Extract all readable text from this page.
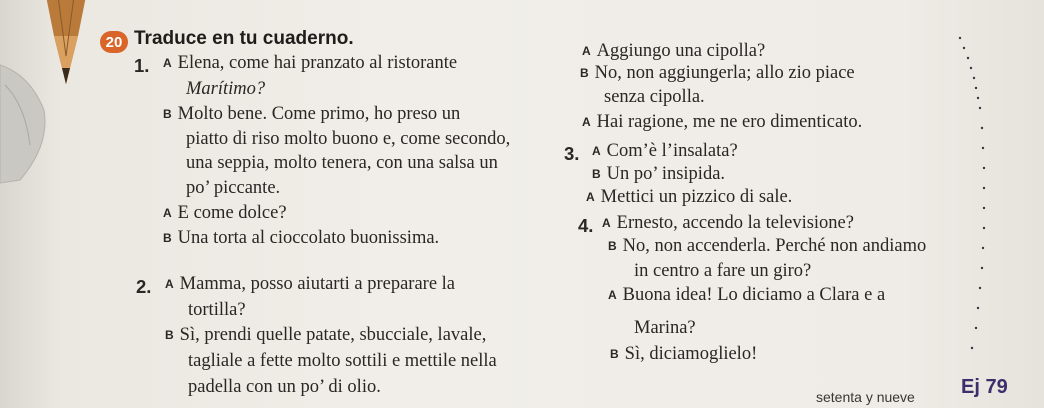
20 Traduce en tu cuaderno.
1. A Elena, come hai pranzato al ristorante
Marítimo?
B Molto bene. Come primo, ho preso un
piatto di riso molto buono e, come secondo,
una seppia, molto tenera, con una salsa un
po’ piccante.
A E come dolce?
B Una torta al cioccolato buonissima.
2. A Mamma, posso aiutarti a preparare la
tortilla?
B Sì, prendi quelle patate, sbucciale, lavale,
tagliale a fette molto sottili e mettile nella
padella con un po’ di olio.
A Aggiungo una cipolla?
B No, non aggiungerla; allo zio piace
senza cipolla.
A Hai ragione, me ne ero dimenticato.
3. A Com’è l’insalata?
B Un po’ insipida.
A Mettici un pizzico di sale.
4. A Ernesto, accendo la televisione?
B No, non accenderla. Perché non andiamo
in centro a fare un giro?
A Buona idea! Lo diciamo a Clara e a
Marina?
B Sì, diciamoglielo!
setenta y nueve Ej 79
